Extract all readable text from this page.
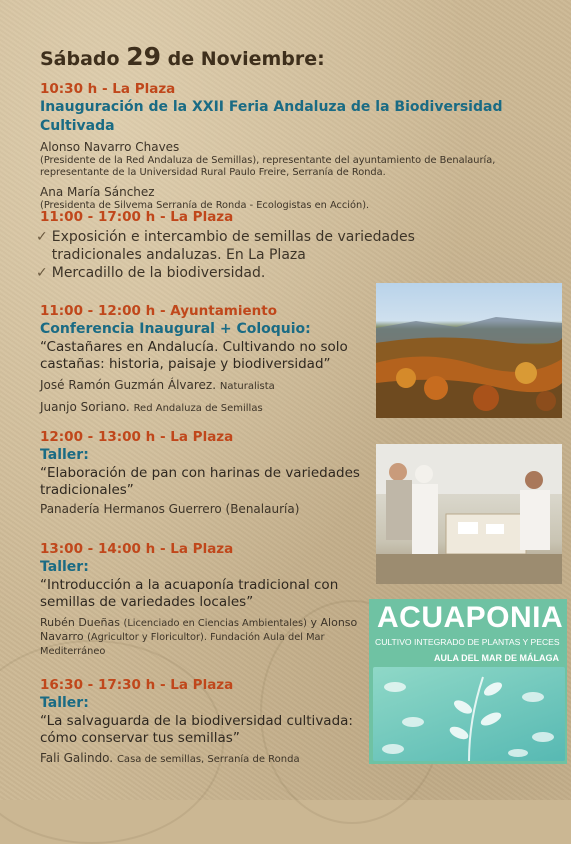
Sábado 29 de Noviembre:
10:30 h - La Plaza
Inauguración de la XXII Feria Andaluza de la Biodiversidad Cultivada
Alonso Navarro Chaves
(Presidente de la Red Andaluza de Semillas), representante del ayuntamiento de Benalauría, representante de la Universidad Rural Paulo Freire, Serranía de Ronda.
Ana María Sánchez
(Presidenta de Silvema Serranía de Ronda - Ecologistas en Acción).
11:00 - 17:00 h - La Plaza
✓ Exposición e intercambio de semillas de variedades tradicionales andaluzas. En La Plaza
✓ Mercadillo de la biodiversidad.
11:00 - 12:00 h - Ayuntamiento
Conferencia Inaugural + Coloquio:
“Castañares en Andalucía. Cultivando no solo castañas: historia, paisaje y biodiversidad”
José Ramón Guzmán Álvarez. Naturalista
Juanjo Soriano. Red Andaluza de Semillas
12:00 - 13:00 h - La Plaza
Taller:
“Elaboración de pan con harinas de variedades tradicionales”
Panadería Hermanos Guerrero (Benalauría)
13:00 - 14:00 h - La Plaza
Taller:
“Introducción a la acuaponía tradicional con semillas de variedades locales”
Rubén Dueñas (Licenciado en Ciencias Ambientales) y Alonso Navarro (Agricultor y Floricultor). Fundación Aula del Mar Mediterráneo
16:30 - 17:30 h - La Plaza
Taller:
“La salvaguarda de la biodiversidad cultivada: cómo conservar tus semillas”
Fali Galindo. Casa de semillas, Serranía de Ronda
ACUAPONIA
CULTIVO INTEGRADO DE PLANTAS Y PECES
AULA DEL MAR DE MÁLAGA
